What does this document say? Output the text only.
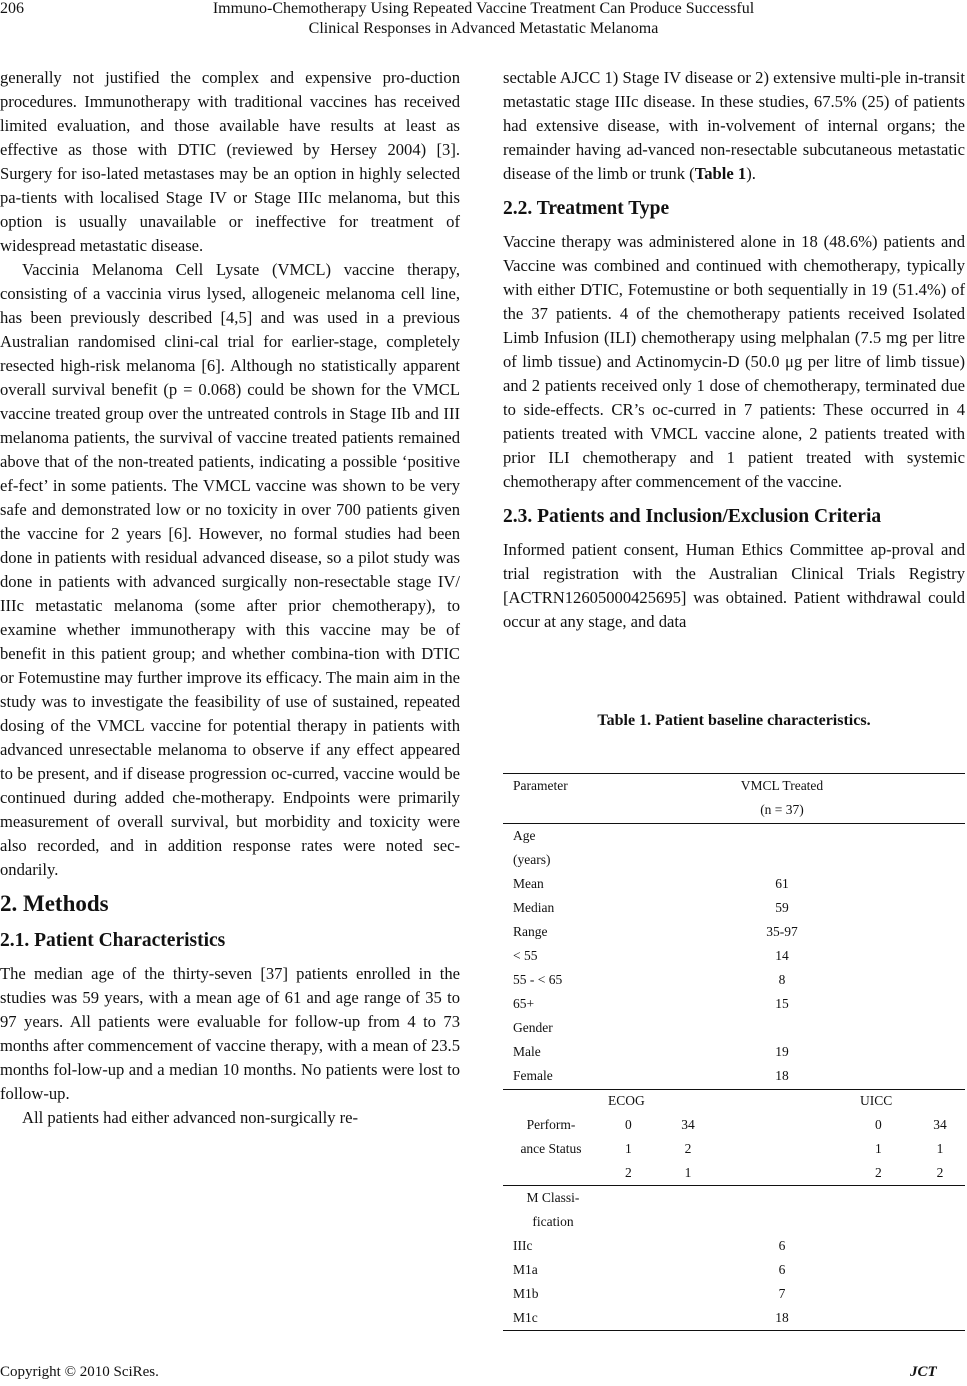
206	Immuno-Chemotherapy Using Repeated Vaccine Treatment Can Produce Successful
Clinical Responses in Advanced Metastatic Melanoma

generally not justified the complex and expensive pro-duction procedures. Immunotherapy with traditional vaccines has received limited evaluation, and those available have results at least as effective as those with DTIC (reviewed by Hersey 2004) [3]. Surgery for iso-lated metastases may be an option in highly selected pa-tients with localised Stage IV or Stage IIIc melanoma, but this option is usually unavailable or ineffective for treatment of widespread metastatic disease.

Vaccinia Melanoma Cell Lysate (VMCL) vaccine therapy, consisting of a vaccinia virus lysed, allogeneic melanoma cell line, has been previously described [4,5] and was used in a previous Australian randomised clini-cal trial for earlier-stage, completely resected high-risk melanoma [6]. Although no statistically apparent overall survival benefit (p = 0.068) could be shown for the VMCL vaccine treated group over the untreated controls in Stage IIb and III melanoma patients, the survival of vaccine treated patients remained above that of the non-treated patients, indicating a possible ‘positive ef-fect’ in some patients. The VMCL vaccine was shown to be very safe and demonstrated low or no toxicity in over 700 patients given the vaccine for 2 years [6]. However, no formal studies had been done in patients with residual advanced disease, so a pilot study was done in patients with advanced surgically non-resectable stage IV/ IIIc metastatic melanoma (some after prior chemotherapy), to examine whether immunotherapy with this vaccine may be of benefit in this patient group; and whether combina-tion with DTIC or Fotemustine may further improve its efficacy. The main aim in the study was to investigate the feasibility of use of sustained, repeated dosing of the VMCL vaccine for potential therapy in patients with advanced unresectable melanoma to observe if any effect appeared to be present, and if disease progression oc-curred, vaccine would be continued during added che-motherapy. Endpoints were primarily measurement of overall survival, but morbidity and toxicity were also recorded, and in addition response rates were noted sec-ondarily.

2. Methods
2.1. Patient Characteristics

The median age of the thirty-seven [37] patients enrolled in the studies was 59 years, with a mean age of 61 and age range of 35 to 97 years. All patients were evaluable for follow-up from 4 to 73 months after commencement of vaccine therapy, with a mean of 23.5 months fol-low-up and a median 10 months. No patients were lost to follow-up.

All patients had either advanced non-surgically re-

sectable AJCC 1) Stage IV disease or 2) extensive multi-ple in-transit metastatic stage IIIc disease. In these studies, 67.5% (25) of patients had extensive disease, with in-volvement of internal organs; the remainder having ad-vanced non-resectable subcutaneous metastatic disease of the limb or trunk (Table 1).

2.2. Treatment Type

Vaccine therapy was administered alone in 18 (48.6%) patients and Vaccine was combined and continued with chemotherapy, typically with either DTIC, Fotemustine or both sequentially in 19 (51.4%) of the 37 patients. 4 of the chemotherapy patients received Isolated Limb Infusion (ILI) chemotherapy using melphalan (7.5 mg per litre of limb tissue) and Actinomycin-D (50.0 μg per litre of limb tissue) and 2 patients received only 1 dose of chemotherapy, terminated due to side-effects. CR’s oc-curred in 7 patients: These occurred in 4 patients treated with VMCL vaccine alone, 2 patients treated with prior ILI chemotherapy and 1 patient treated with systemic chemotherapy after commencement of the vaccine.

2.3. Patients and Inclusion/Exclusion Criteria

Informed patient consent, Human Ethics Committee ap-proval and trial registration with the Australian Clinical Trials Registry [ACTRN12605000425695] was obtained. Patient withdrawal could occur at any stage, and data

Table 1. Patient baseline characteristics.
Parameter	VMCL Treated
(n = 37)
Age
(years)
Mean	61
Median	59
Range	35-97
< 55	14
55 - < 65	8
65+	15
Gender
Male	19
Female	18
ECOG	UICC
Perform-
ance Status
0	34	0	34
1	2	1	1
2	1	2	2
M Classi-
fication
IIIc	6
M1a	6
M1b	7
M1c	18
Copyright © 2010 SciRes.	JCT
